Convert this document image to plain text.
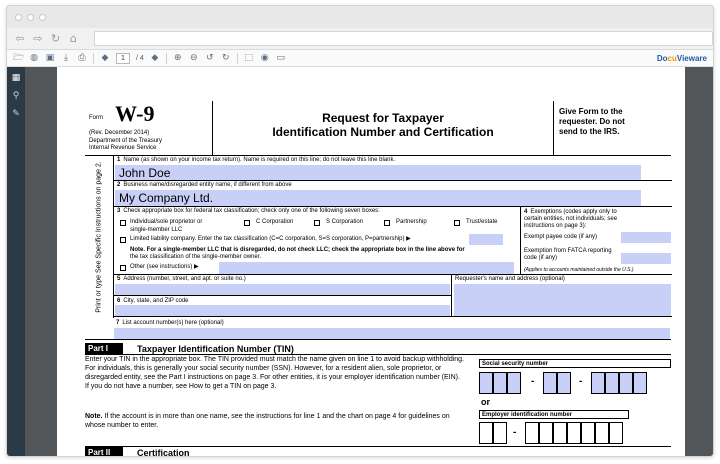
⇦ ⇨ ↻ ⌂
🗁 ◍ ▣	⤓	⎙ ◆	1	/ 4 ◆ ⊕ ⊖ ↺ ↻ ⬚ ◉ ▭	DocuVieware
▦
⚲
✎	Form W-9
(Rev. December 2014)
Department of the Treasury
Internal Revenue Service
Request for Taxpayer
Identification Number and Certification
Give Form to the
requester. Do not
send to the IRS.
Print or type See Specific Instructions on page 2.
1 Name (as shown on your income tax return). Name is required on this line; do not leave this line blank.
John Doe
2 Business name/disregarded entity name, if different from above
My Company Ltd.
3 Check appropriate box for federal tax classification; check only one of the following seven boxes:
Individual/sole proprietor or
single-member LLC
C Corporation	S Corporation	Partnership	Trust/estate
Limited liability company. Enter the tax classification (C=C corporation, S=S corporation, P=partnership) ▶
Note. For a single-member LLC that is disregarded, do not check LLC; check the appropriate box in the line above for
the tax classification of the single-member owner.
Other (see instructions) ▶
4 Exemptions (codes apply only to
certain entities, not individuals; see
instructions on page 3):
Exempt payee code (if any)
Exemption from FATCA reporting
code (if any)
(Applies to accounts maintained outside the U.S.)
5 Address (number, street, and apt. or suite no.)
6 City, state, and ZIP code
Requester's name and address (optional)
7 List account number(s) here (optional)
Part I	Taxpayer Identification Number (TIN)
Enter your TIN in the appropriate box. The TIN provided must match the name given on line 1 to avoid backup withholding. For individuals, this is generally your social security number (SSN). However, for a resident alien, sole proprietor, or disregarded entity, see the Part I instructions on page 3. For other entities, it is your employer identification number (EIN). If you do not have a number, see How to get a TIN on page 3.
Note. If the account is in more than one name, see the instructions for line 1 and the chart on page 4 for guidelines on whose number to enter.
Social security number
-	-
or
Employer identification number
-
Part II	Certification
